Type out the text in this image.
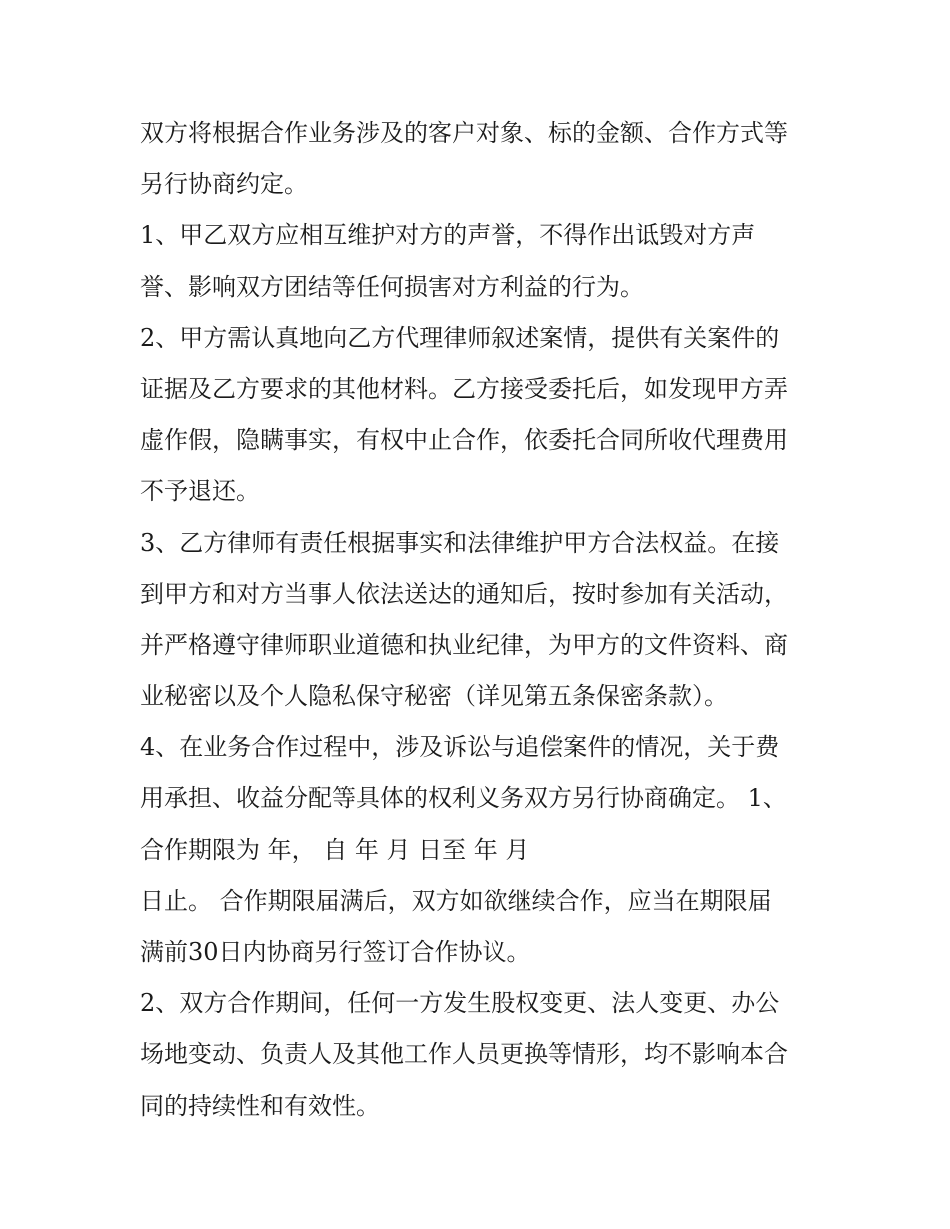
双方将根据合作业务涉及的客户对象、标的金额、合作方式等
另行协商约定。
1、甲乙双方应相互维护对方的声誉，不得作出诋毁对方声
誉、影响双方团结等任何损害对方利益的行为。
2、甲方需认真地向乙方代理律师叙述案情，提供有关案件的
证据及乙方要求的其他材料。乙方接受委托后，如发现甲方弄
虚作假，隐瞒事实，有权中止合作，依委托合同所收代理费用
不予退还。
3、乙方律师有责任根据事实和法律维护甲方合法权益。在接
到甲方和对方当事人依法送达的通知后，按时参加有关活动，
并严格遵守律师职业道德和执业纪律，为甲方的文件资料、商
业秘密以及个人隐私保守秘密（详见第五条保密条款）。
4、在业务合作过程中，涉及诉讼与追偿案件的情况，关于费
用承担、收益分配等具体的权利义务双方另行协商确定。 1、
合作期限为 年， 自 年 月 日至 年 月
日止。 合作期限届满后，双方如欲继续合作，应当在期限届
满前30日内协商另行签订合作协议。
2、双方合作期间，任何一方发生股权变更、法人变更、办公
场地变动、负责人及其他工作人员更换等情形，均不影响本合
同的持续性和有效性。
